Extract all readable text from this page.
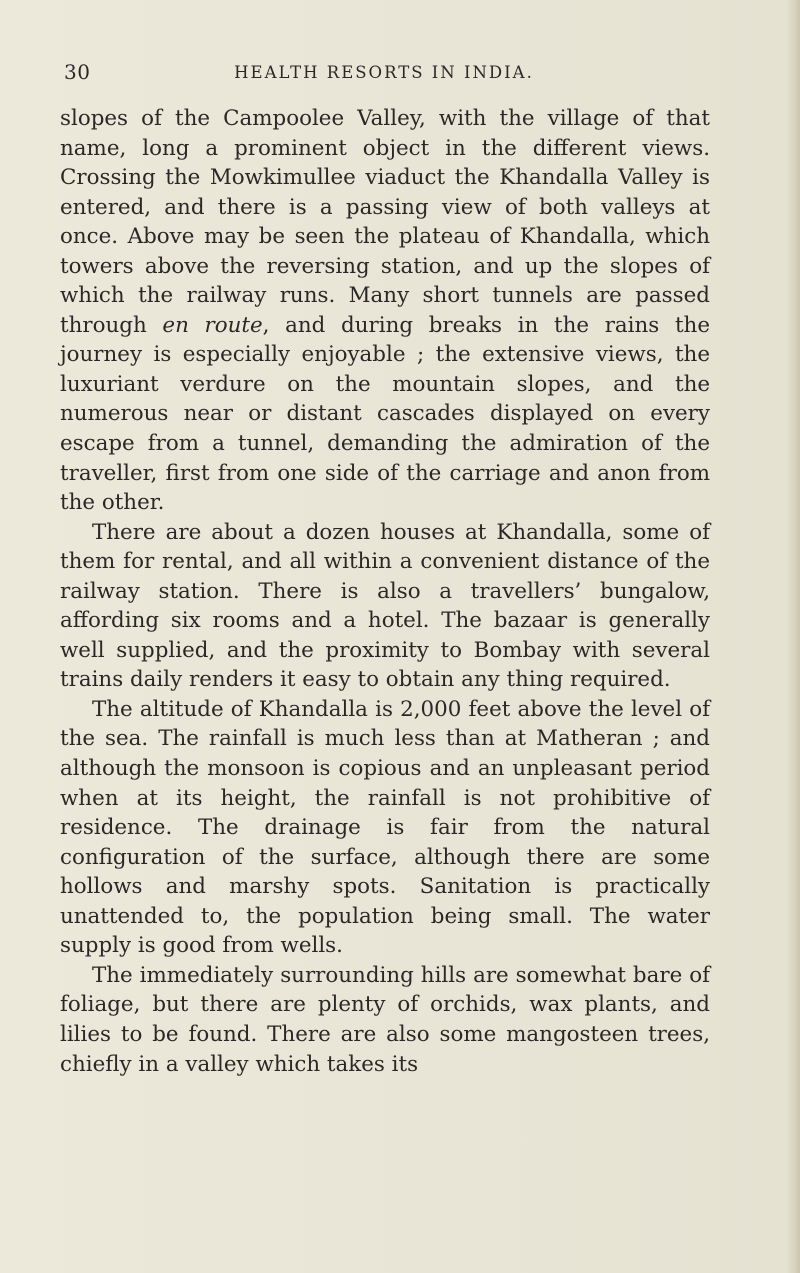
30	HEALTH RESORTS IN INDIA.

slopes of the Campoolee Valley, with the village of that name, long a prominent object in the different views. Crossing the Mowkimullee viaduct the Khandalla Valley is entered, and there is a passing view of both valleys at once. Above may be seen the plateau of Khandalla, which towers above the reversing station, and up the slopes of which the railway runs. Many short tunnels are passed through en route, and during breaks in the rains the journey is especially enjoyable ; the extensive views, the luxuriant verdure on the mountain slopes, and the numerous near or distant cascades displayed on every escape from a tunnel, demanding the admiration of the traveller, first from one side of the carriage and anon from the other.

There are about a dozen houses at Khandalla, some of them for rental, and all within a convenient distance of the railway station. There is also a travellers’ bungalow, affording six rooms and a hotel. The bazaar is generally well supplied, and the proximity to Bombay with several trains daily renders it easy to obtain any thing required.

The altitude of Khandalla is 2,000 feet above the level of the sea. The rainfall is much less than at Matheran ; and although the monsoon is copious and an unpleasant period when at its height, the rainfall is not prohibitive of residence. The drainage is fair from the natural configuration of the surface, although there are some hollows and marshy spots. Sanitation is practically unattended to, the population being small. The water supply is good from wells.

The immediately surrounding hills are somewhat bare of foliage, but there are plenty of orchids, wax plants, and lilies to be found. There are also some mangosteen trees, chiefly in a valley which takes its
